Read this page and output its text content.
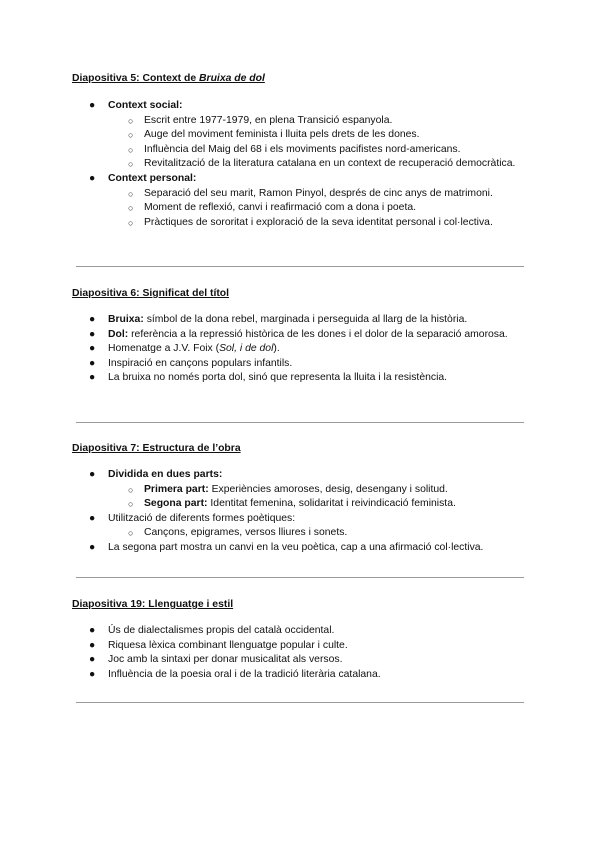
Diapositiva 5: Context de Bruixa de dol

● Context social:
○ Escrit entre 1977-1979, en plena Transició espanyola.
○ Auge del moviment feminista i lluita pels drets de les dones.
○ Influència del Maig del 68 i els moviments pacifistes nord-americans.
○ Revitalització de la literatura catalana en un context de recuperació democràtica.
● Context personal:
○ Separació del seu marit, Ramon Pinyol, després de cinc anys de matrimoni.
○ Moment de reflexió, canvi i reafirmació com a dona i poeta.
○ Pràctiques de sororitat i exploració de la seva identitat personal i col·lectiva.

Diapositiva 6: Significat del títol

● Bruixa: símbol de la dona rebel, marginada i perseguida al llarg de la història.
● Dol: referència a la repressió històrica de les dones i el dolor de la separació amorosa.
● Homenatge a J.V. Foix (Sol, i de dol).
● Inspiració en cançons populars infantils.
● La bruixa no només porta dol, sinó que representa la lluita i la resistència.

Diapositiva 7: Estructura de l’obra

● Dividida en dues parts:
○ Primera part: Experiències amoroses, desig, desengany i solitud.
○ Segona part: Identitat femenina, solidaritat i reivindicació feminista.
● Utilització de diferents formes poètiques:
○ Cançons, epigrames, versos lliures i sonets.
● La segona part mostra un canvi en la veu poètica, cap a una afirmació col·lectiva.

Diapositiva 19: Llenguatge i estil

● Ús de dialectalismes propis del català occidental.
● Riquesa lèxica combinant llenguatge popular i culte.
● Joc amb la sintaxi per donar musicalitat als versos.
● Influència de la poesia oral i de la tradició literària catalana.
